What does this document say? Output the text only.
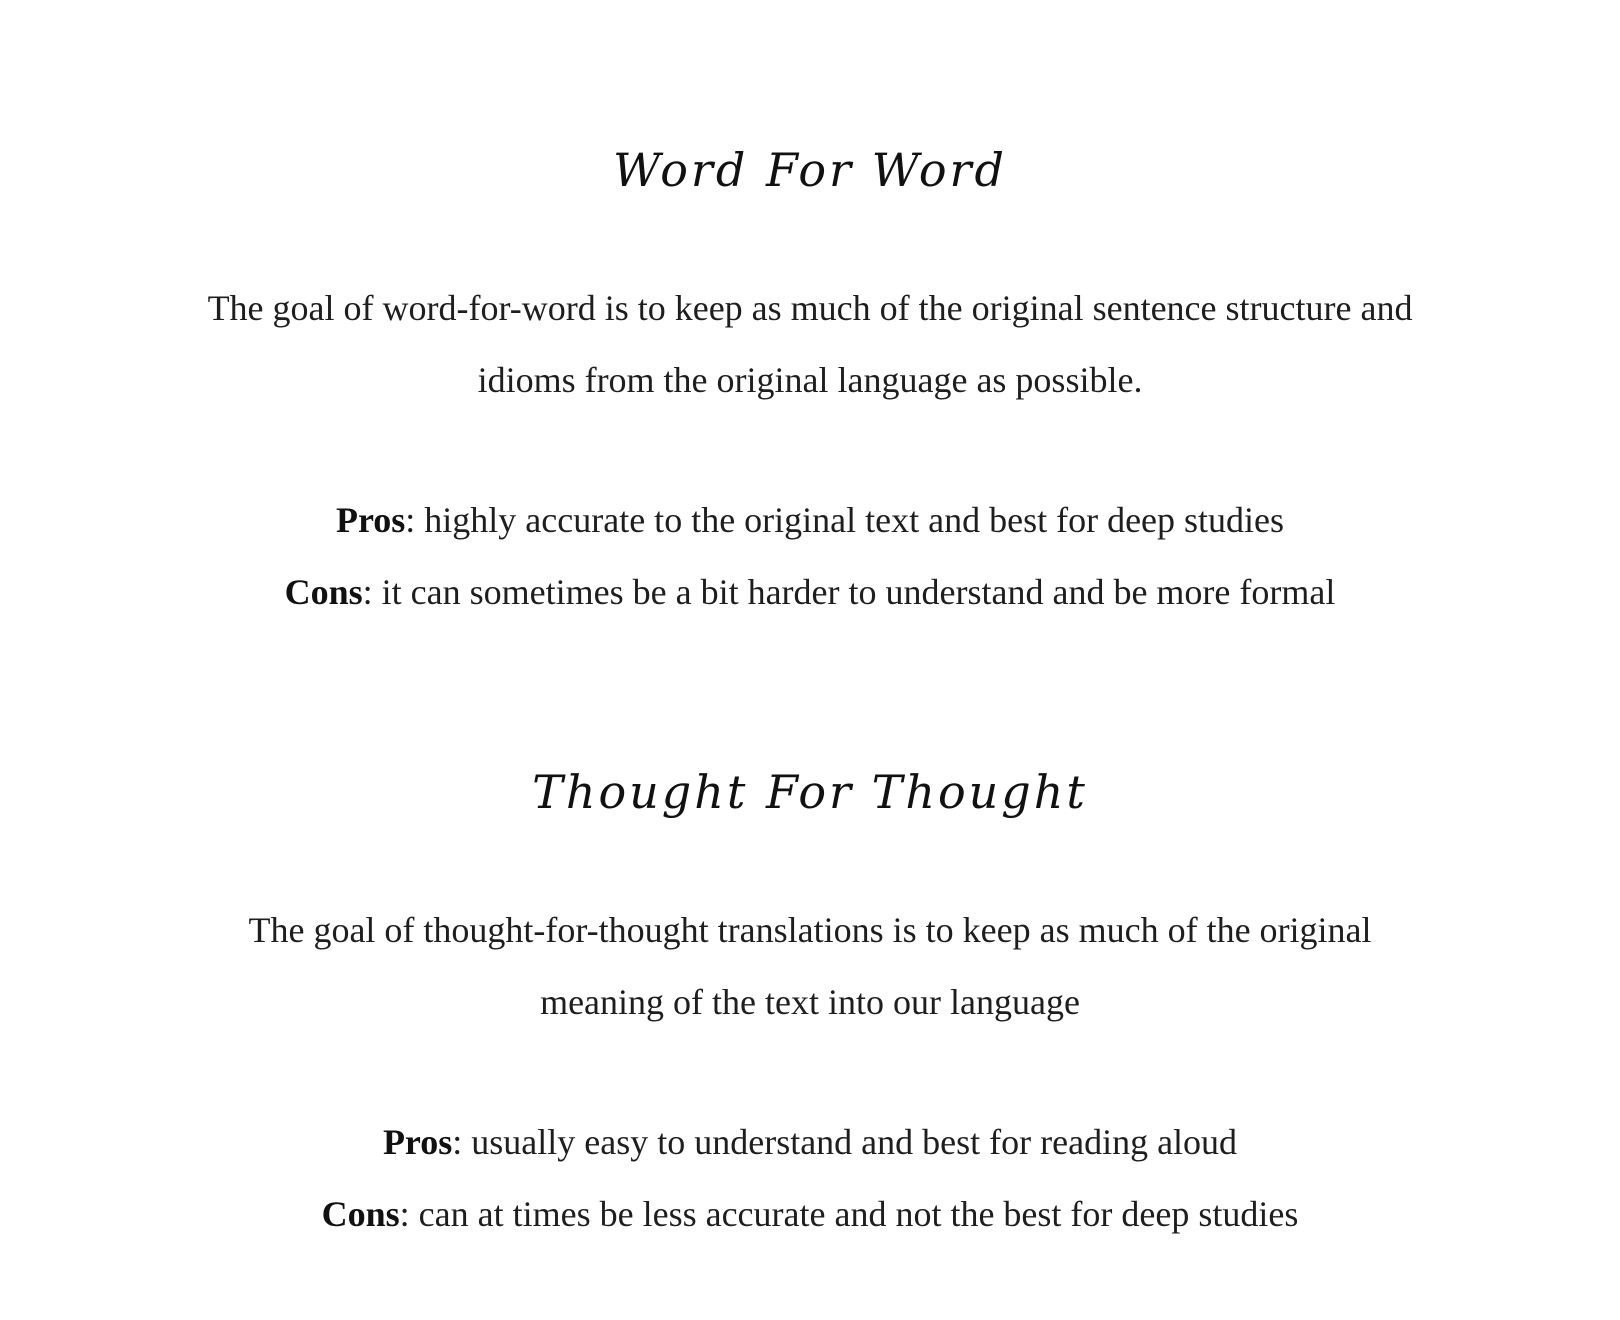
Word For Word

The goal of word-for-word is to keep as much of the original sentence structure and idioms from the original language as possible.

Pros: highly accurate to the original text and best for deep studies
Cons: it can sometimes be a bit harder to understand and be more formal

Thought For Thought

The goal of thought-for-thought translations is to keep as much of the original meaning of the text into our language

Pros: usually easy to understand and best for reading aloud
Cons: can at times be less accurate and not the best for deep studies
